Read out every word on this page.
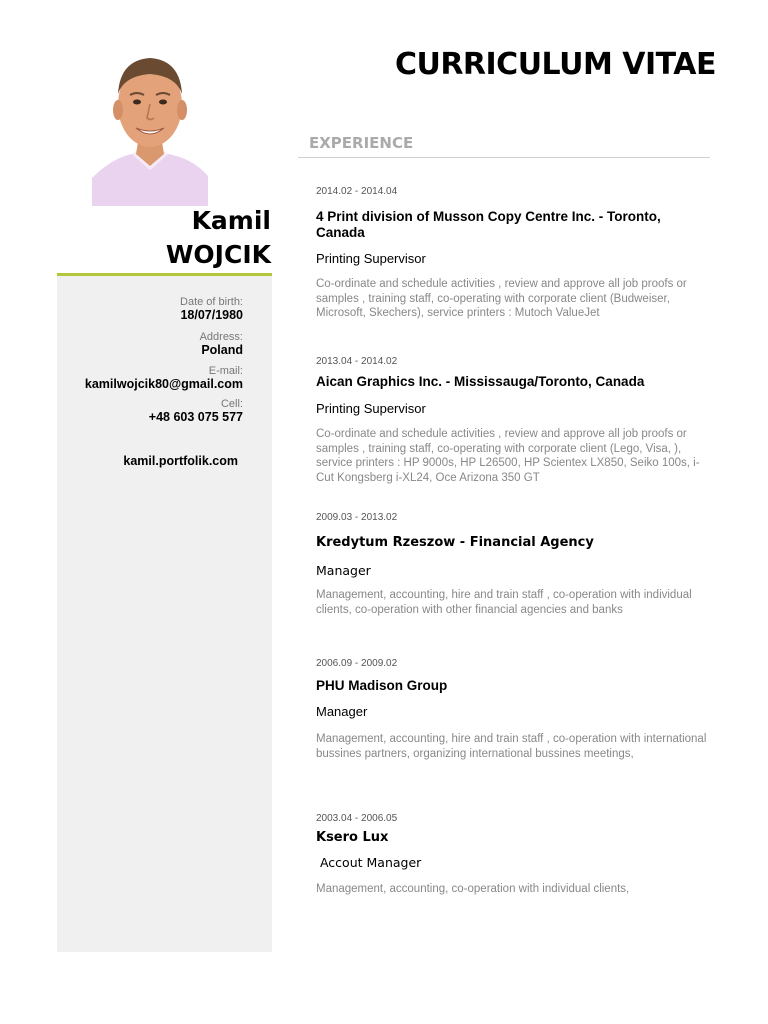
CURRICULUM VITAE
Kamil
WOJCIK
Date of birth:
18/07/1980
Address:
Poland
E-mail:
kamilwojcik80@gmail.com
Cell:
+48 603 075 577
kamil.portfolik.com
EXPERIENCE
2014.02 - 2014.04
4 Print division of Musson Copy Centre Inc. - Toronto, Canada
Printing Supervisor
Co-ordinate and schedule activities , review and approve all job proofs or samples , training staff, co-operating with corporate client (Budweiser, Microsoft, Skechers), service printers : Mutoch ValueJet
2013.04 - 2014.02
Aican Graphics Inc. - Mississauga/Toronto, Canada
Printing Supervisor
Co-ordinate and schedule activities , review and approve all job proofs or samples , training staff, co-operating with corporate client (Lego, Visa, ), service printers : HP 9000s, HP L26500, HP Scientex LX850, Seiko 100s, i-Cut Kongsberg i-XL24, Oce Arizona 350 GT
2009.03 - 2013.02
Kredytum Rzeszow - Financial Agency
Manager
Management, accounting, hire and train staff , co-operation with individual clients, co-operation with other financial agencies and banks
2006.09 - 2009.02
PHU Madison Group
Manager
Management, accounting, hire and train staff , co-operation with international bussines partners, organizing international bussines meetings,
2003.04 - 2006.05
Ksero Lux
Accout Manager
Management, accounting, co-operation with individual clients,
